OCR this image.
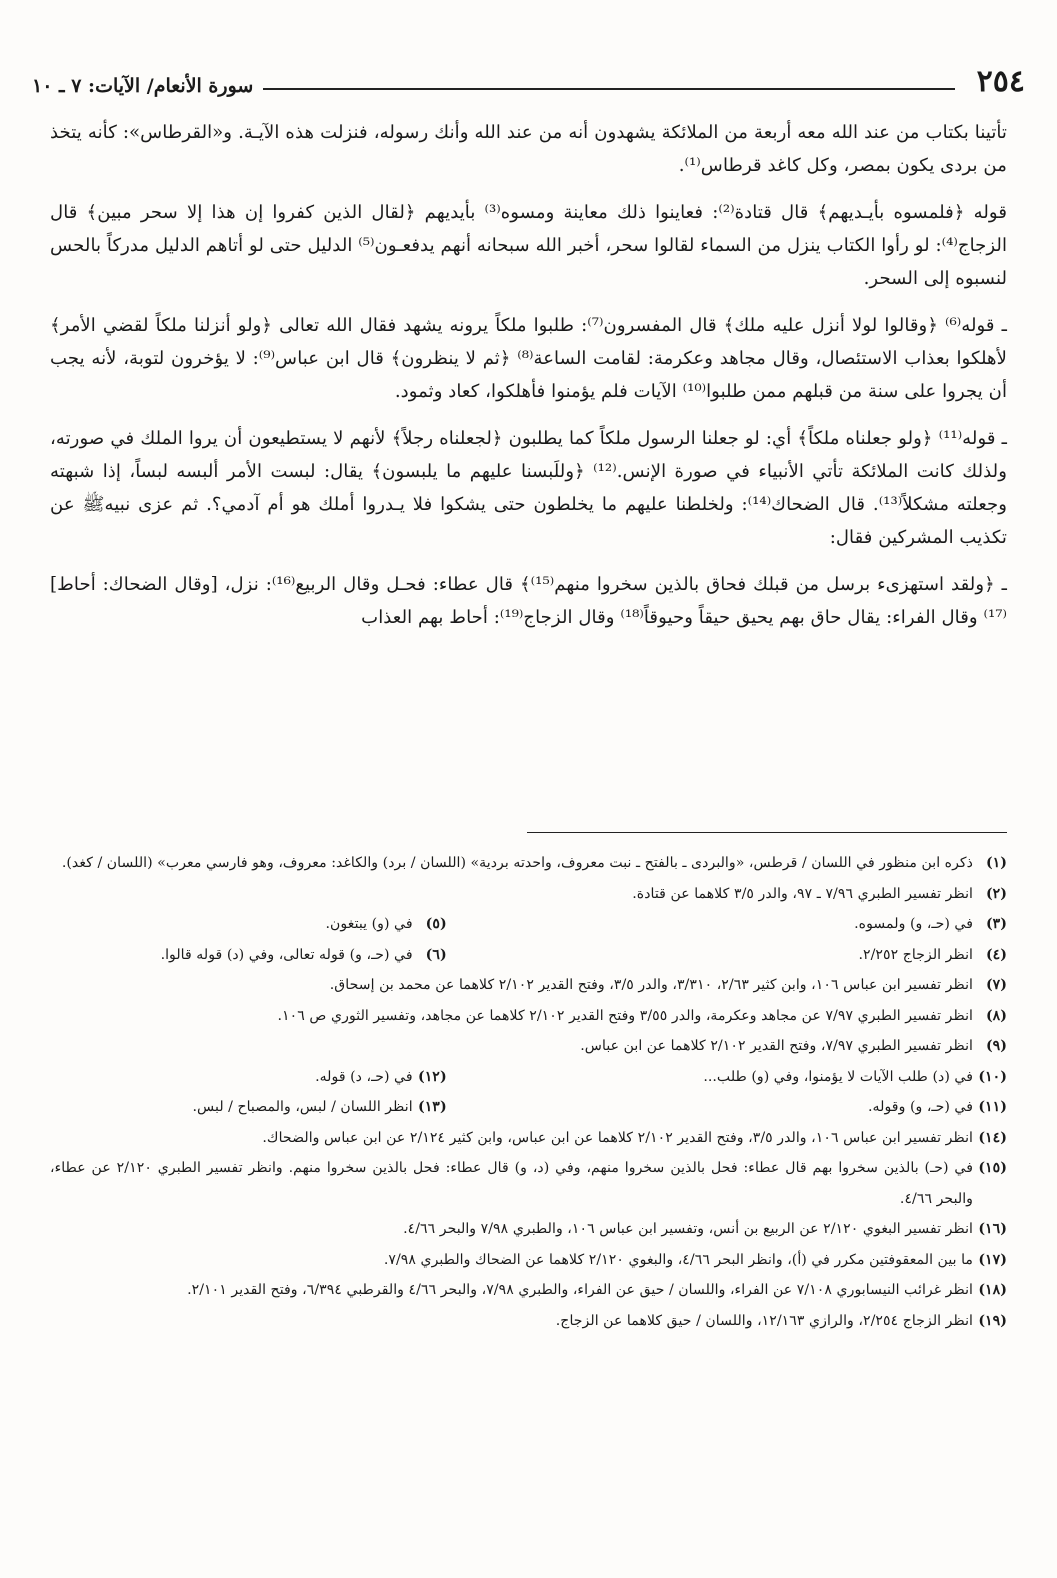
٢٥٤
سورة الأنعام/ الآيات: ٧ ـ ١٠

تأتينا بكتاب من عند الله معه أربعة من الملائكة يشهدون أنه من عند الله وأنك رسوله، فنزلت هذه الآيـة. و«القرطاس»: كأنه يتخذ من بردى يكون بمصر، وكل كاغد قرطاس⁽¹⁾.

قوله ﴿فلمسوه بأيـديهم﴾ قال قتادة⁽²⁾: فعاينوا ذلك معاينة ومسوه⁽³⁾ بأيديهم ﴿لقال الذين كفروا إن هذا إلا سحر مبين﴾ قال الزجاج⁽⁴⁾: لو رأوا الكتاب ينزل من السماء لقالوا سحر، أخبر الله سبحانه أنهم يدفعـون⁽⁵⁾ الدليل حتى لو أتاهم الدليل مدركاً بالحس لنسبوه إلى السحر.

ـ قوله⁽⁶⁾ ﴿وقالوا لولا أنزل عليه ملك﴾ قال المفسرون⁽⁷⁾: طلبوا ملكاً يرونه يشهد فقال الله تعالى ﴿ولو أنزلنا ملكاً لقضي الأمر﴾ لأهلكوا بعذاب الاستئصال، وقال مجاهد وعكرمة: لقامت الساعة⁽⁸⁾ ﴿ثم لا ينظرون﴾ قال ابن عباس⁽⁹⁾: لا يؤخرون لتوبة، لأنه يجب أن يجروا على سنة من قبلهم ممن طلبوا⁽¹⁰⁾ الآيات فلم يؤمنوا فأهلكوا، كعاد وثمود.

ـ قوله⁽¹¹⁾ ﴿ولو جعلناه ملكاً﴾ أي: لو جعلنا الرسول ملكاً كما يطلبون ﴿لجعلناه رجلاً﴾ لأنهم لا يستطيعون أن يروا الملك في صورته، ولذلك كانت الملائكة تأتي الأنبياء في صورة الإنس.⁽¹²⁾ ﴿وللَبسنا عليهم ما يلبسون﴾ يقال: لبست الأمر ألبسه لبساً، إذا شبهته وجعلته مشكلاً⁽¹³⁾. قال الضحاك⁽¹⁴⁾: ولخلطنا عليهم ما يخلطون حتى يشكوا فلا يـدروا أملك هو أم آدمي؟. ثم عزى نبيهﷺ عن تكذيب المشركين فقال:

ـ ﴿ولقد استهزىء برسل من قبلك فحاق بالذين سخروا منهم⁽¹⁵⁾﴾ قال عطاء: فحـل وقال الربيع⁽¹⁶⁾: نزل، [وقال الضحاك: أحاط]⁽¹⁷⁾ وقال الفراء: يقال حاق بهم يحيق حيقاً وحيوقاً⁽¹⁸⁾ وقال الزجاج⁽¹⁹⁾: أحاط بهم العذاب

(١)
ذكره ابن منظور في اللسان / قرطس، «والبردى ـ بالفتح ـ نبت معروف، واحدته بردية» (اللسان / برد) والكاغد: معروف، وهو فارسي معرب» (اللسان / كغد).
(٢)
انظر تفسير الطبري ٧/٩٦ ـ ٩٧، والدر ٣/٥ كلاهما عن قتادة.
(٣)
في (حـ، و) ولمسوه.
(٥)
في (و) يبتغون.
(٤)
انظر الزجاج ٢/٢٥٢.
(٦)
في (حـ، و) قوله تعالى، وفي (د) قوله قالوا.
(٧)
انظر تفسير ابن عباس ١٠٦، وابن كثير ٢/٦٣، ٣/٣١٠، والدر ٣/٥، وفتح القدير ٢/١٠٢ كلاهما عن محمد بن إسحاق.
(٨)
انظر تفسير الطبري ٧/٩٧ عن مجاهد وعكرمة، والدر ٣/٥٥ وفتح القدير ٢/١٠٢ كلاهما عن مجاهد، وتفسير الثوري ص ١٠٦.
(٩)
انظر تفسير الطبري ٧/٩٧، وفتح القدير ٢/١٠٢ كلاهما عن ابن عباس.
(١٠)
في (د) طلب الآيات لا يؤمنوا، وفي (و) طلب...
(١٢)
في (حـ، د) قوله.
(١١)
في (حـ، و) وقوله.
(١٣)
انظر اللسان / لبس، والمصباح / لبس.
(١٤)
انظر تفسير ابن عباس ١٠٦، والدر ٣/٥، وفتح القدير ٢/١٠٢ كلاهما عن ابن عباس، وابن كثير ٢/١٢٤ عن ابن عباس والضحاك.
(١٥)
في (حـ) بالذين سخروا بهم قال عطاء: فحل بالذين سخروا منهم، وفي (د، و) قال عطاء: فحل بالذين سخروا منهم. وانظر تفسير الطبري ٢/١٢٠ عن عطاء، والبحر ٤/٦٦.
(١٦)
انظر تفسير البغوي ٢/١٢٠ عن الربيع بن أنس، وتفسير ابن عباس ١٠٦، والطبري ٧/٩٨ والبحر ٤/٦٦.
(١٧)
ما بين المعقوفتين مكرر في (أ)، وانظر البحر ٤/٦٦، والبغوي ٢/١٢٠ كلاهما عن الضحاك والطبري ٧/٩٨.
(١٨)
انظر غرائب النيسابوري ٧/١٠٨ عن الفراء، واللسان / حيق عن الفراء، والطبري ٧/٩٨، والبحر ٤/٦٦ والقرطبي ٦/٣٩٤، وفتح القدير ٢/١٠١.
(١٩)
انظر الزجاج ٢/٢٥٤، والرازي ١٢/١٦٣، واللسان / حيق كلاهما عن الزجاج.
